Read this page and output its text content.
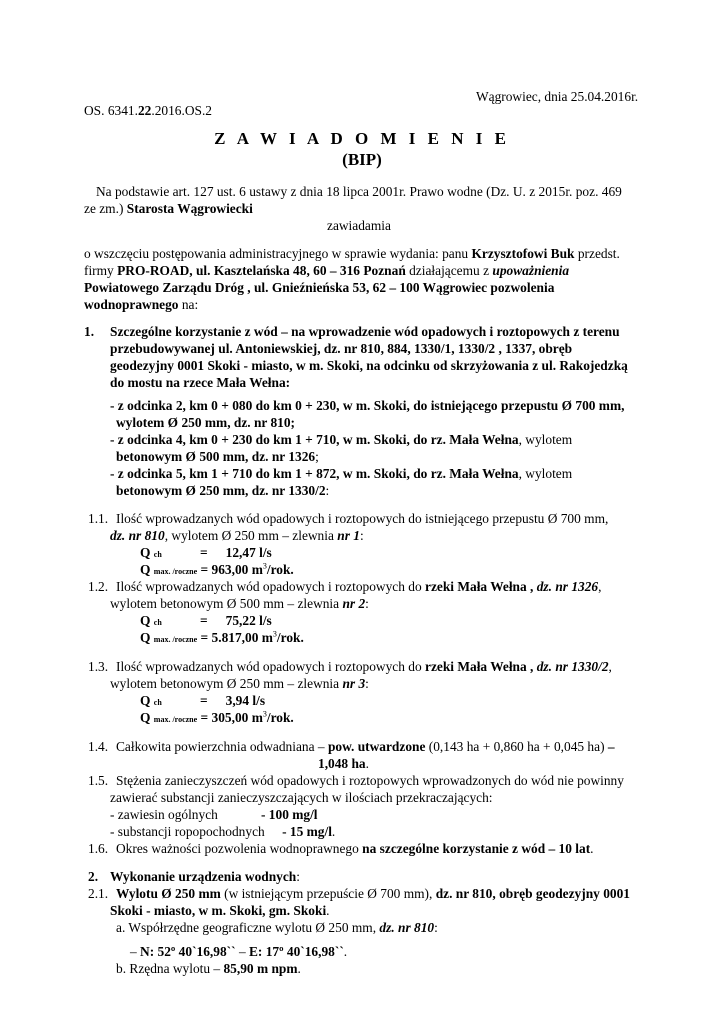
Wągrowiec, dnia 25.04.2016r.
OS. 6341.22.2016.OS.2
Z A W I A D O M I E N I E
(BIP)
Na podstawie art. 127 ust. 6 ustawy z dnia 18 lipca 2001r. Prawo wodne (Dz. U. z 2015r. poz. 469
ze zm.) Starosta Wągrowiecki
zawiadamia
o wszczęciu postępowania administracyjnego w sprawie wydania: panu Krzysztofowi Buk przedst.
firmy PRO-ROAD, ul. Kasztelańska 48, 60 – 316 Poznań działającemu z upoważnienia
Powiatowego Zarządu Dróg , ul. Gnieźnieńska 53, 62 – 100 Wągrowiec pozwolenia
wodnoprawnego na:
1. Szczególne korzystanie z wód – na wprowadzenie wód opadowych i roztopowych z terenu
przebudowywanej ul. Antoniewskiej, dz. nr 810, 884, 1330/1, 1330/2 , 1337, obręb
geodezyjny 0001 Skoki - miasto, w m. Skoki, na odcinku od skrzyżowania z ul. Rakojedzką
do mostu na rzece Mała Wełna:
- z odcinka 2, km 0 + 080 do km 0 + 230, w m. Skoki, do istniejącego przepustu Ø 700 mm,
wylotem Ø 250 mm, dz. nr 810;
- z odcinka 4, km 0 + 230 do km 1 + 710, w m. Skoki, do rz. Mała Wełna, wylotem
betonowym Ø 500 mm, dz. nr 1326;
- z odcinka 5, km 1 + 710 do km 1 + 872, w m. Skoki, do rz. Mała Wełna, wylotem
betonowym Ø 250 mm, dz. nr 1330/2:
1.1. Ilość wprowadzanych wód opadowych i roztopowych do istniejącego przepustu Ø 700 mm,
dz. nr 810, wylotem Ø 250 mm – zlewnia nr 1:
Q ch	= 12,47 l/s
Q max. /roczne = 963,00 $m^3$/rok.
1.2. Ilość wprowadzanych wód opadowych i roztopowych do rzeki Mała Wełna , dz. nr 1326,
wylotem betonowym Ø 500 mm – zlewnia nr 2:
Q ch	= 75,22 l/s
Q max. /roczne = 5.817,00 $m^3$/rok.
1.3. Ilość wprowadzanych wód opadowych i roztopowych do rzeki Mała Wełna , dz. nr 1330/2,
wylotem betonowym Ø 250 mm – zlewnia nr 3:
Q ch	= 3,94 l/s
Q max. /roczne = 305,00 $m^3$/rok.
1.4. Całkowita powierzchnia odwadniana – pow. utwardzone (0,143 ha + 0,860 ha + 0,045 ha) –
1,048 ha.
1.5. Stężenia zanieczyszczeń wód opadowych i roztopowych wprowadzonych do wód nie powinny
zawierać substancji zanieczyszczających w ilościach przekraczających:
- zawiesin ogólnych	- 100 mg/l
- substancji ropopochodnych - 15 mg/l.
1.6. Okres ważności pozwolenia wodnoprawnego na szczególne korzystanie z wód – 10 lat.
2. Wykonanie urządzenia wodnych:
2.1. Wylotu Ø 250 mm (w istniejącym przepuście Ø 700 mm), dz. nr 810, obręb geodezyjny 0001
Skoki - miasto, w m. Skoki, gm. Skoki.
a. Współrzędne geograficzne wylotu Ø 250 mm, dz. nr 810:
– N: 52º 40`16,98`` – E: 17º 40`16,98``.
b. Rzędna wylotu – 85,90 m npm.
